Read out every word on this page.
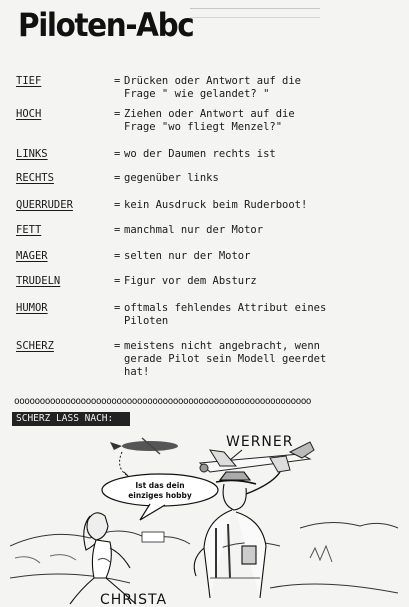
Piloten-Abc
TIEF	= Drücken oder Antwort auf die
Frage " wie gelandet? "
HOCH	= Ziehen oder Antwort auf die
Frage "wo fliegt Menzel?"
LINKS	= wo der Daumen rechts ist
RECHTS	= gegenüber links
QUERRUDER	= kein Ausdruck beim Ruderboot!
FETT	= manchmal nur der Motor
MAGER	= selten nur der Motor
TRUDELN	= Figur vor dem Absturz
HUMOR	= oftmals fehlendes Attribut eines
Piloten
SCHERZ	= meistens nicht angebracht, wenn
gerade Pilot sein Modell geerdet
hat!
oooooooooooooooooooooooooooooooooooooooooooooooooooooooooo
SCHERZ LASS NACH:
WERNER
Ist das dein
einziges hobby
CHRISTA
